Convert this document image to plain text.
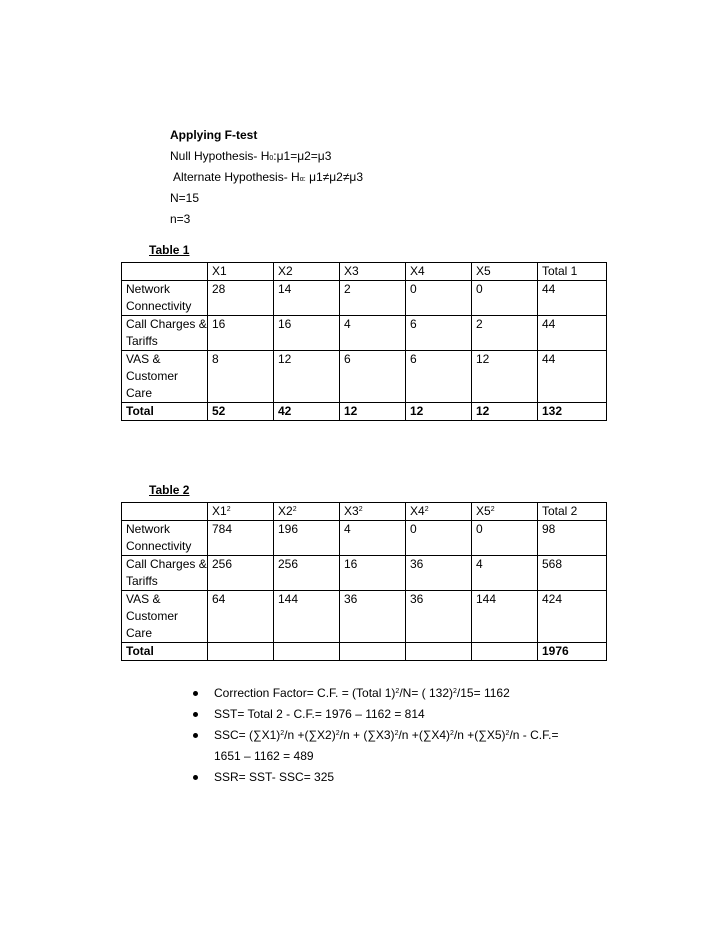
Applying F-test
Null Hypothesis- $H_0:\mu 1=\mu 2=\mu 3$
Alternate Hypothesis- $H_{\alpha:}$ μ1≠μ2≠μ3
N=15
n=3
Table 1
	X1	X2	X3	X4	X5	Total 1
Network Connectivity	28	14	2	0	0	44
Call Charges & Tariffs	16	16	4	6	2	44
VAS & Customer Care	8	12	6	6	12	44
Total	52	42	12	12	12	132
Table 2
	$X1^2$	$X2^2$	$X3^2$	$X4^2$	$X5^2$	Total 2
Network Connectivity	784	196	4	0	0	98
Call Charges & Tariffs	256	256	16	36	4	568
VAS & Customer Care	64	144	36	36	144	424
Total						1976
Correction Factor= C.F. = (Total 1)$^2$/N= ( 132)$^2$/15= 1162
SST= Total 2 - C.F.= 1976 – 1162 = 814
$SSC= (\sum X1)^2/n +(\sum X2)^2/n + (\sum X3)^2/n +(\sum X4)^2/n +(\sum X5)^2/n - C.F.=$
1651 – 1162 = 489
SSR= SST- SSC= 325
